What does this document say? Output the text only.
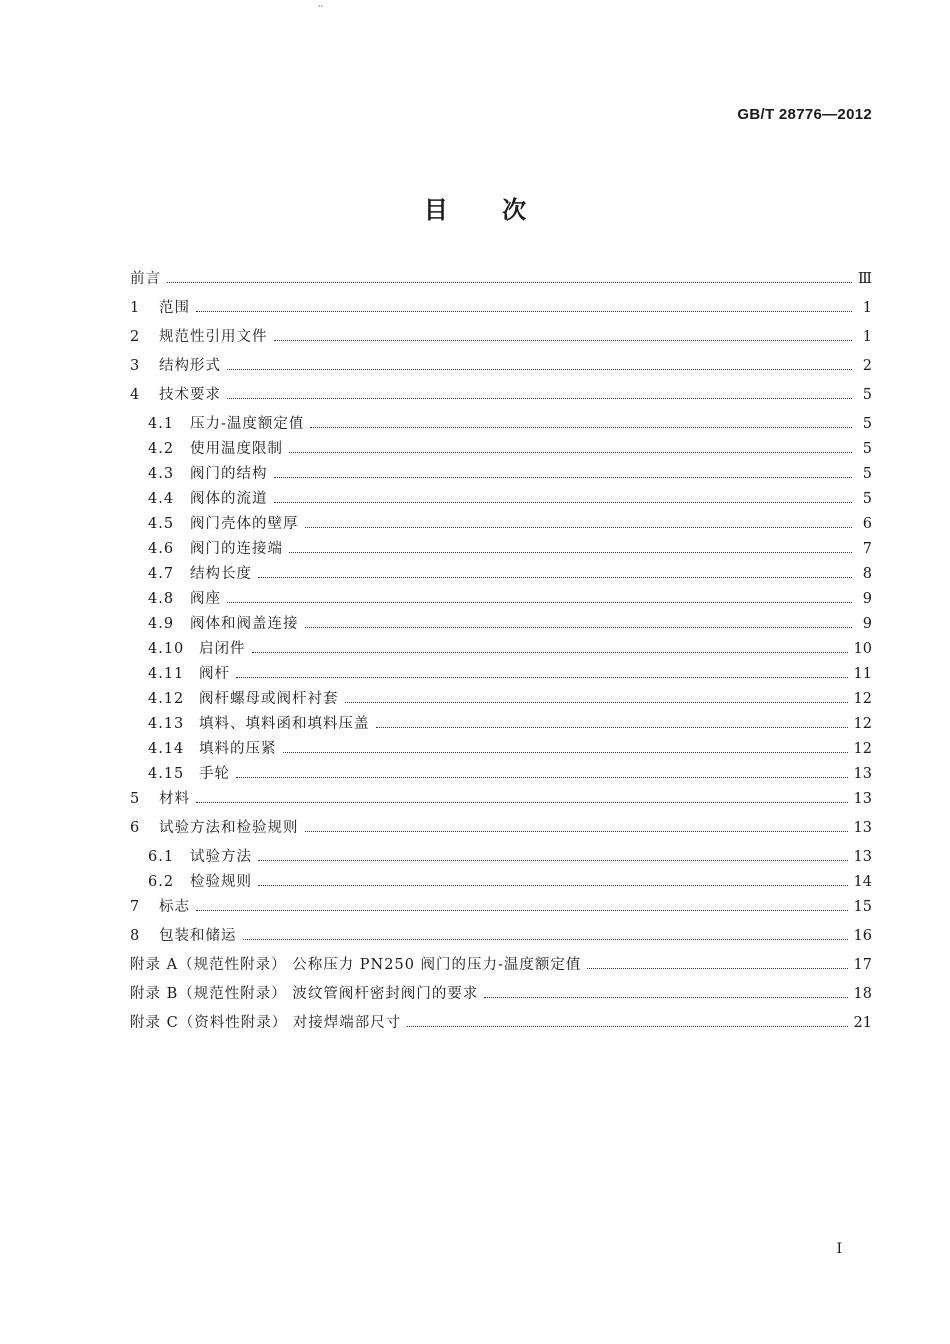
··
GB/T 28776—2012
目 次
前言	Ⅲ
1	范围	1
2	规范性引用文件	1
3	结构形式	2
4	技术要求	5
4.1	压力-温度额定值	5
4.2	使用温度限制	5
4.3	阀门的结构	5
4.4	阀体的流道	5
4.5	阀门壳体的壁厚	6
4.6	阀门的连接端	7
4.7	结构长度	8
4.8	阀座	9
4.9	阀体和阀盖连接	9
4.10	启闭件	10
4.11	阀杆	11
4.12	阀杆螺母或阀杆衬套	12
4.13	填料、填料函和填料压盖	12
4.14	填料的压紧	12
4.15	手轮	13
5	材料	13
6	试验方法和检验规则	13
6.1	试验方法	13
6.2	检验规则	14
7	标志	15
8	包装和储运	16
附录 A（规范性附录） 公称压力 PN250 阀门的压力-温度额定值	17
附录 B（规范性附录） 波纹管阀杆密封阀门的要求	18
附录 C（资料性附录） 对接焊端部尺寸	21
I
